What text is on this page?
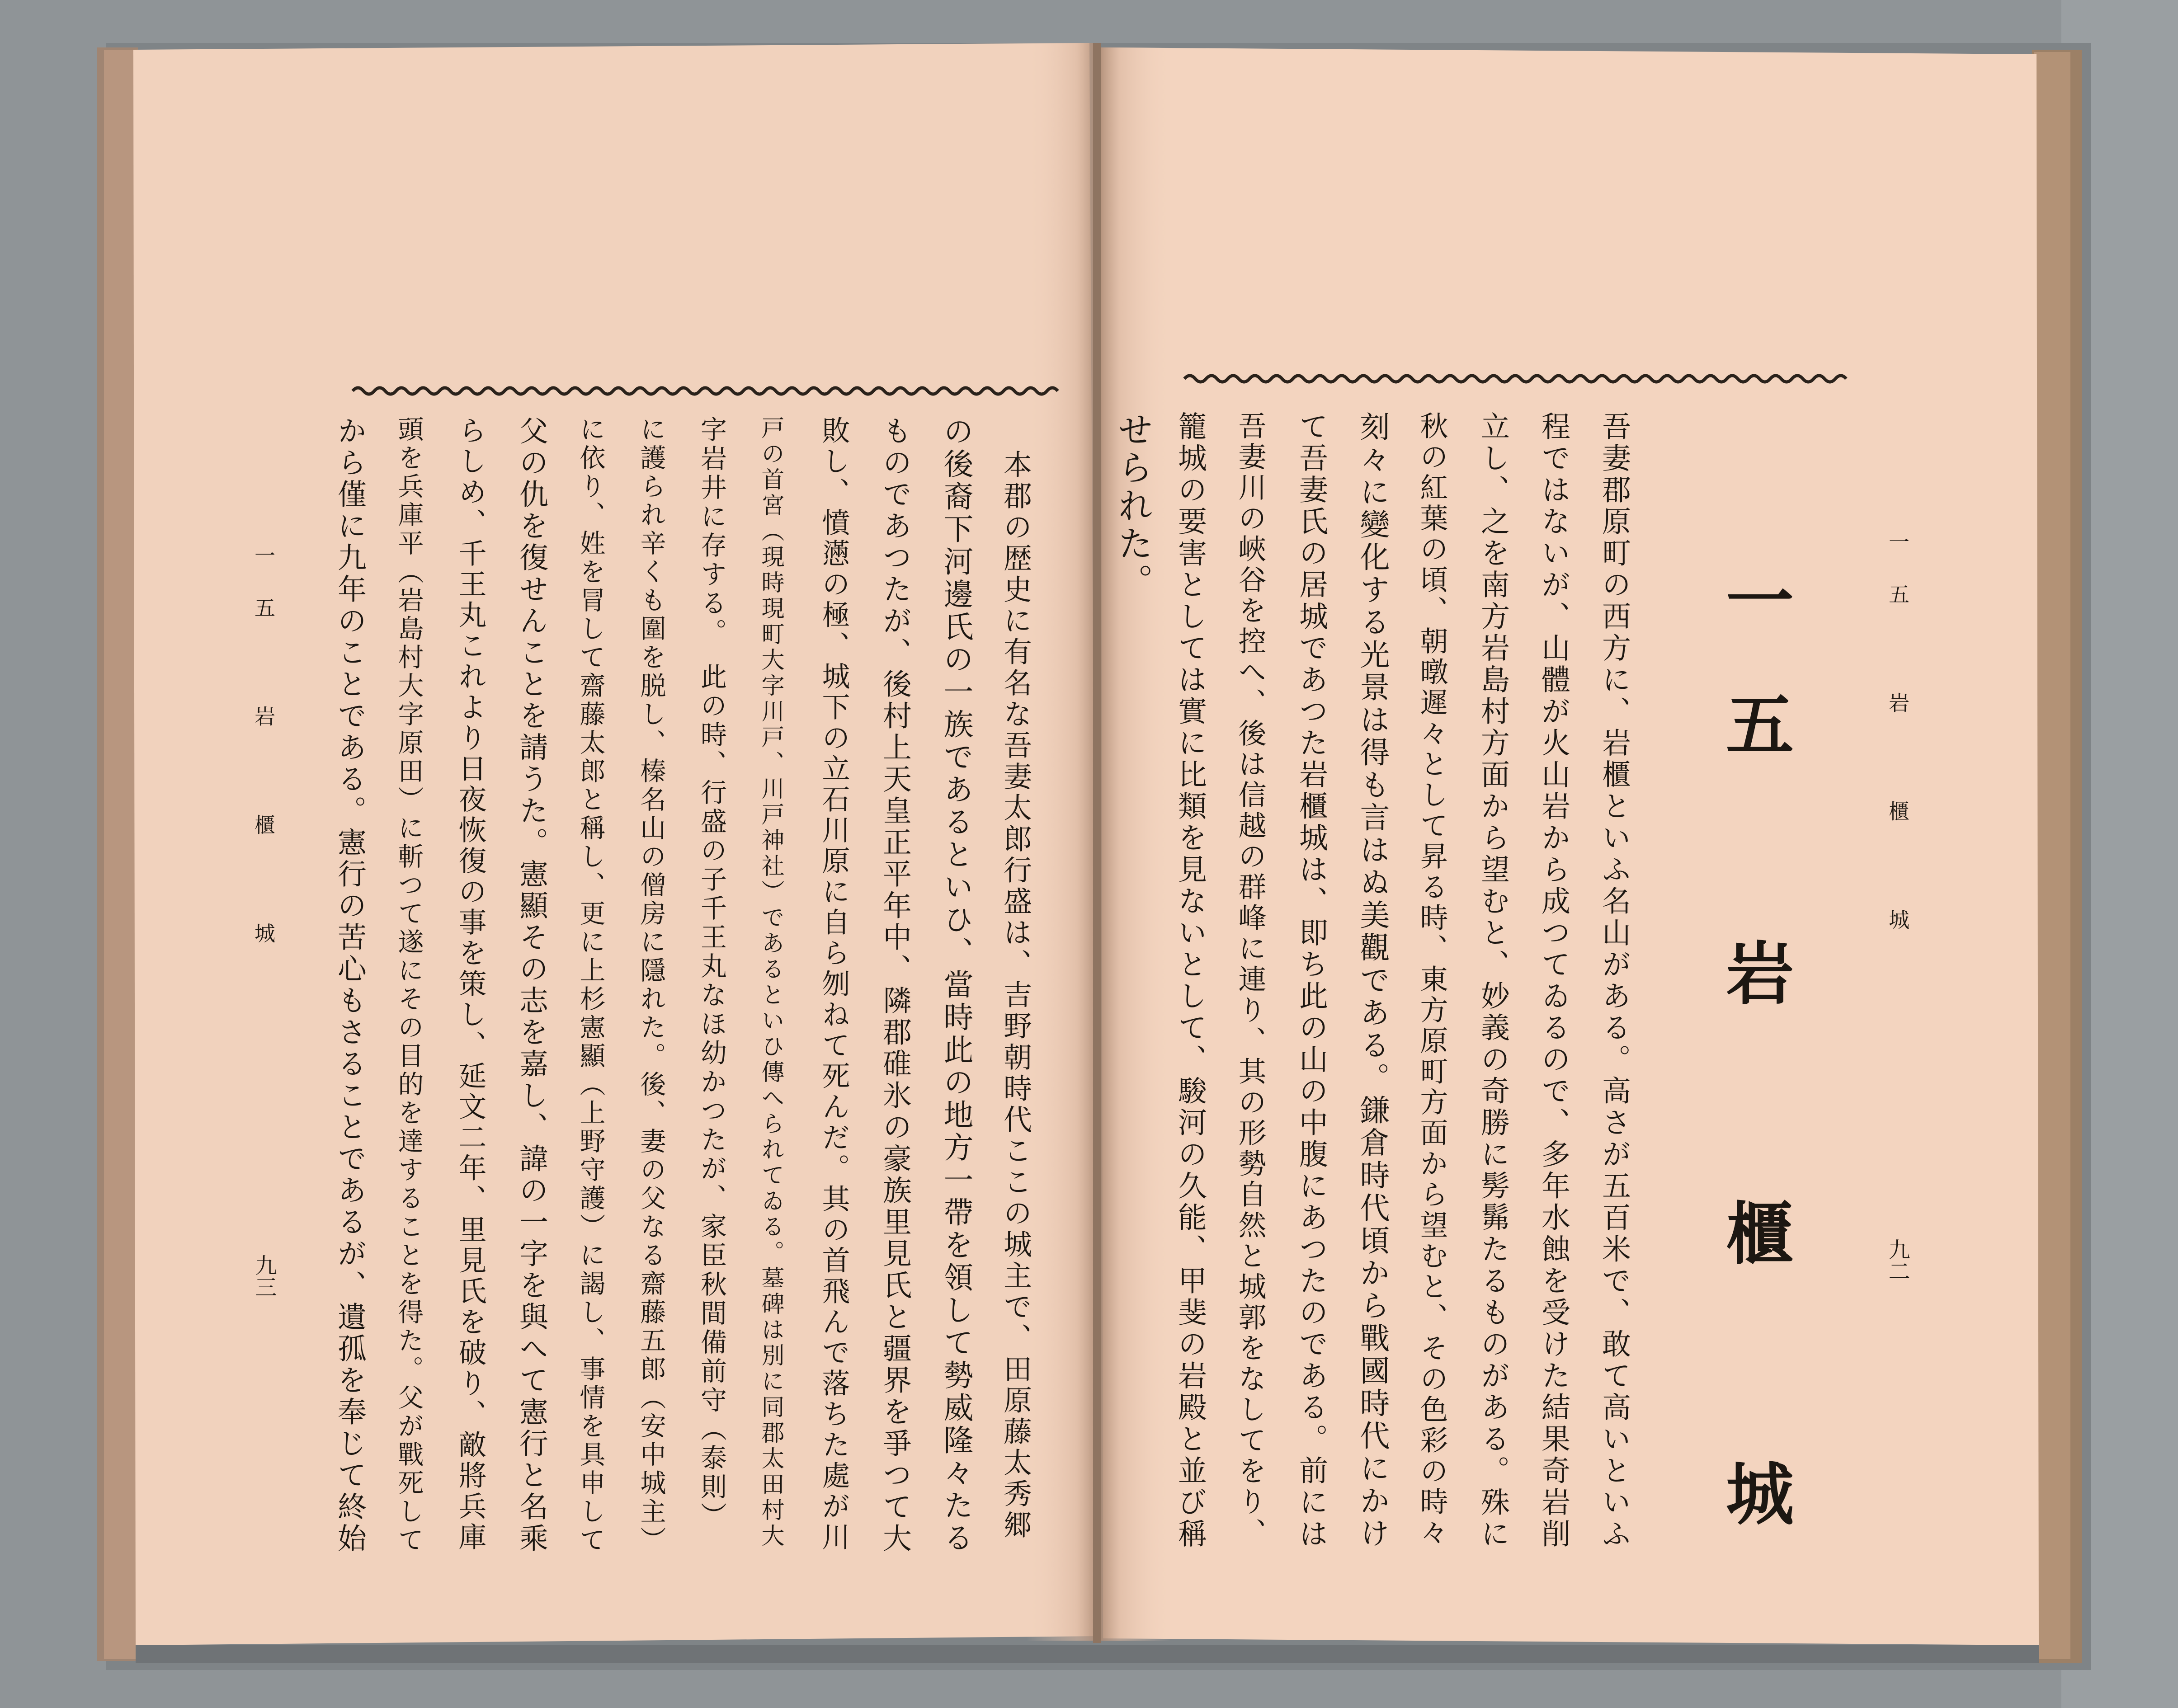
一五 岩 櫃 城
九二
一五　岩 櫃 城
吾妻郡原町の西方に、岩櫃といふ名山がある。高さが五百米で、敢て高いといふ
程ではないが、山體が火山岩から成つてゐるので、多年水蝕を受けた結果奇岩削
立し、之を南方岩島村方面から望むと、妙義の奇勝に髣髴たるものがある。殊に
秋の紅葉の頃、朝暾遲々として昇る時、東方原町方面から望むと、その色彩の時々
刻々に變化する光景は得も言はぬ美觀である。鎌倉時代頃から戰國時代にかけ
て吾妻氏の居城であつた岩櫃城は、即ち此の山の中腹にあつたのである。前には
吾妻川の峽谷を控へ、後は信越の群峰に連り、其の形勢自然と城郭をなしてをり、
籠城の要害としては實に比類を見ないとして、駿河の久能、甲斐の岩殿と並び稱
せられた。
一五 岩 櫃 城
九三	本郡の歴史に有名な吾妻太郎行盛は、吉野朝時代ここの城主で、田原藤太秀郷
の後裔下河邊氏の一族であるといひ、當時此の地方一帶を領して勢威隆々たる
ものであつたが、後村上天皇正平年中、隣郡碓氷の豪族里見氏と疆界を爭つて大
敗し、憤懣の極、城下の立石川原に自ら刎ねて死んだ。其の首飛んで落ちた處が川
戸の首宮（現時現町大字川戸、川戸神社）であるといひ傳へられてゐる。墓碑は別に同郡太田村大
字岩井に存する。　此の時、行盛の子千王丸なほ幼かつたが、家臣秋間備前守（泰則）
に護られ辛くも圍を脱し、榛名山の僧房に隱れた。後、妻の父なる齋藤五郎（安中城主）
に依り、姓を冐して齋藤太郎と稱し、更に上杉憲顯（上野守護）に謁し、事情を具申して
父の仇を復せんことを請うた。憲顯その志を嘉し、諱の一字を與へて憲行と名乘
らしめ、千王丸これより日夜恢復の事を策し、延文二年、里見氏を破り、敵將兵庫
頭を兵庫平（岩島村大字原田）に斬つて遂にその目的を達することを得た。父が戰死して
から僅に九年のことである。憲行の苦心もさることであるが、遺孤を奉じて終始
